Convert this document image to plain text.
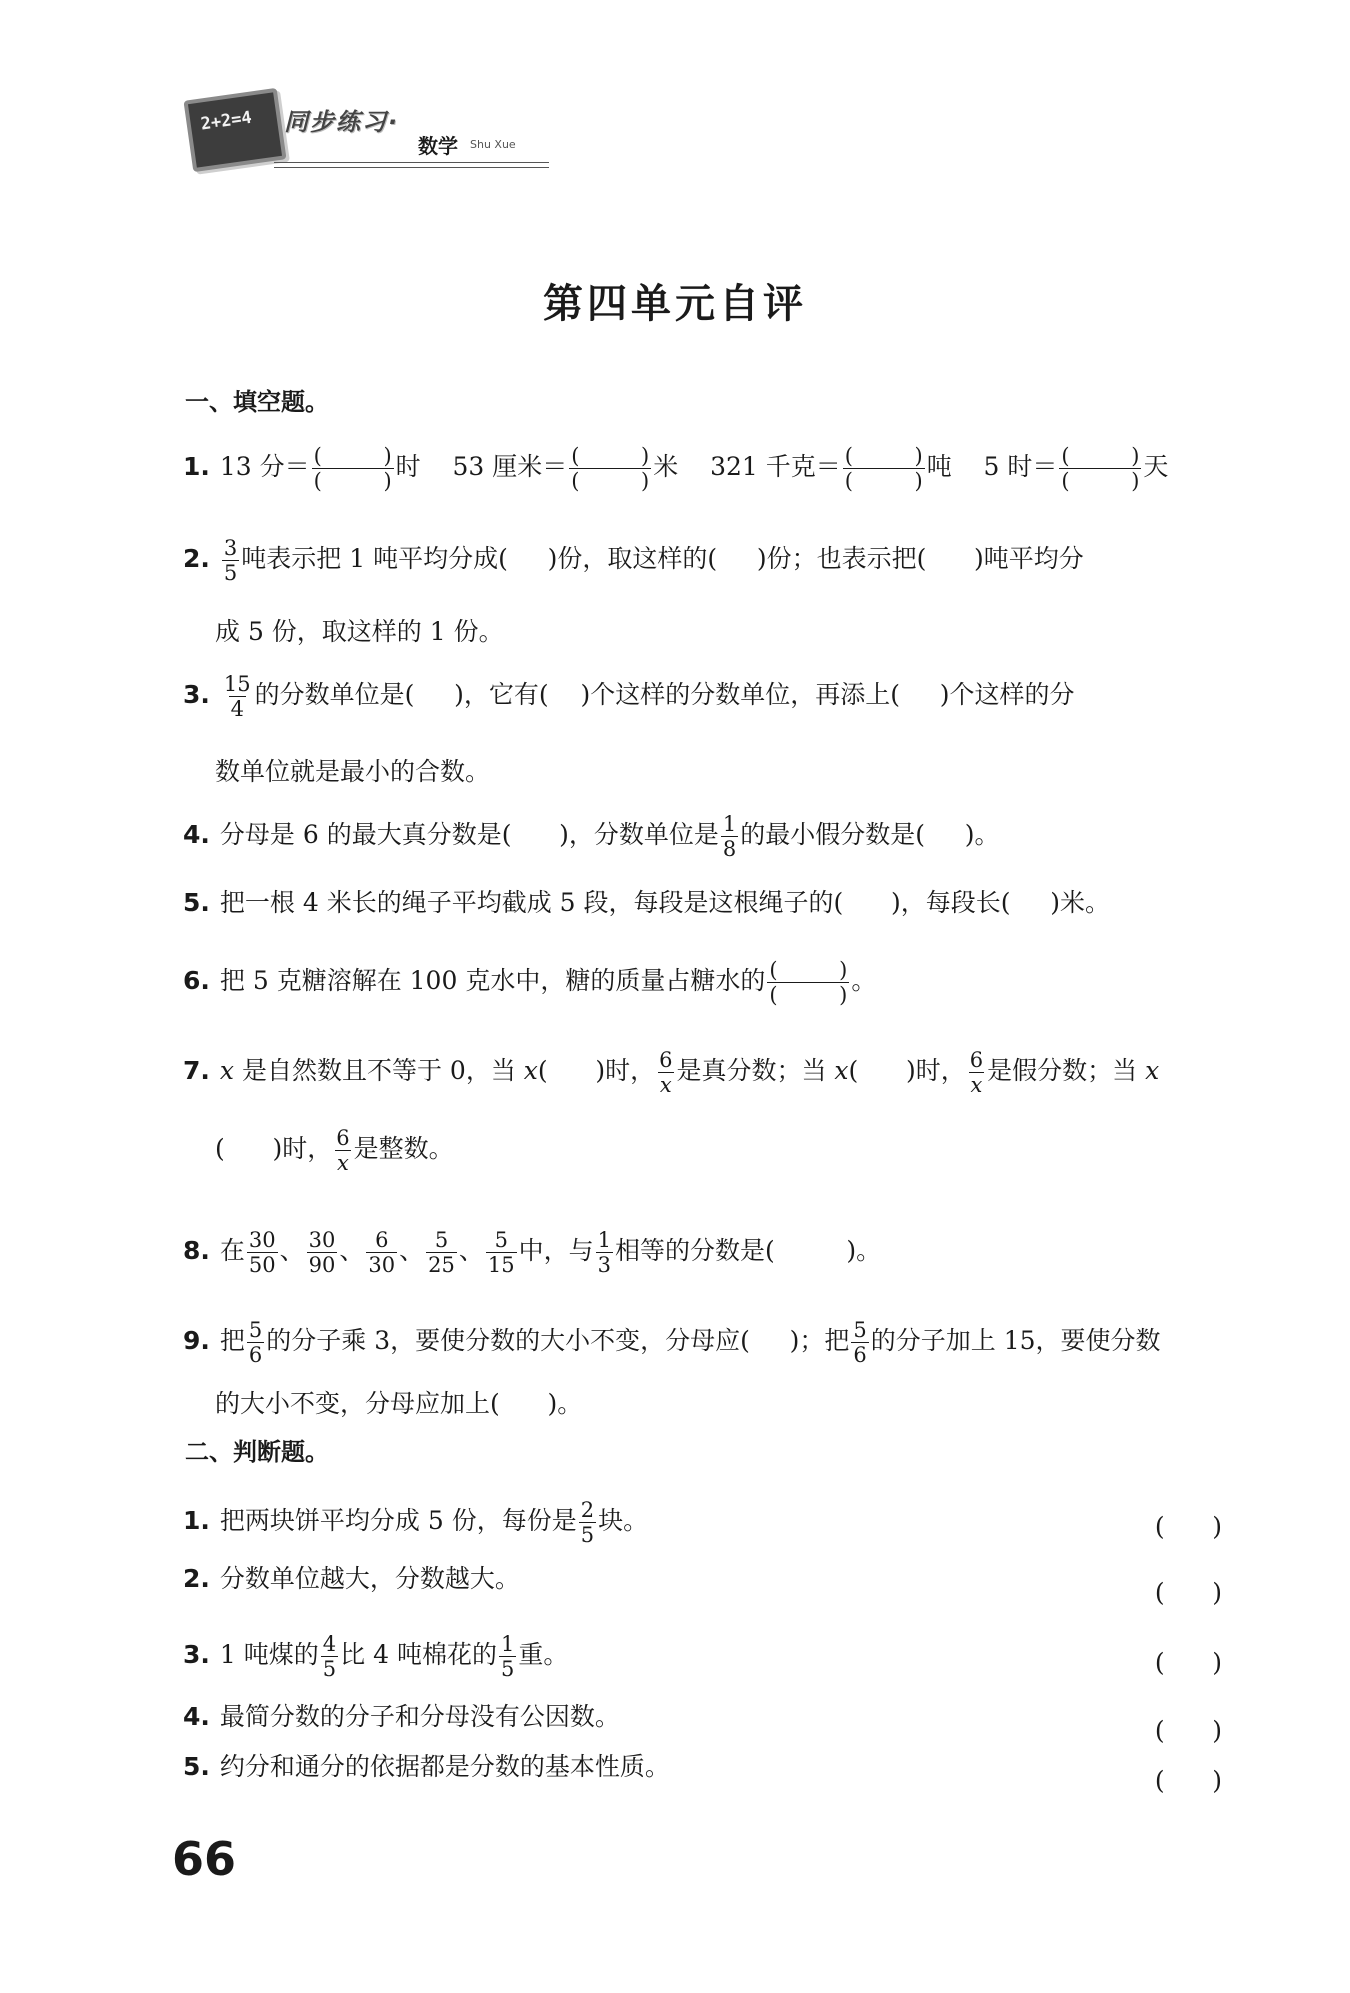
2+2=4 同步练习·
数学 Shu Xue
第四单元自评
一、填空题。
1. 13 分＝ (	)
(	) 时 53 厘米＝ (	)
(	) 米 321 千克＝ (	)
(	) 吨 5 时＝ (	)
(	) 天
2. $\frac{3}{5}$ 吨表示把 1 吨平均分成( )份，取这样的( )份；也表示把( )吨平均分
成 5 份，取这样的 1 份。
3. $\frac{15}{4}$ 的分数单位是( )，它有( )个这样的分数单位，再添上( )个这样的分
数单位就是最小的合数。
4. 分母是 6 的最大真分数是( )，分数单位是 $\frac{1}{8}$ 的最小假分数是( )。
5. 把一根 4 米长的绳子平均截成 5 段，每段是这根绳子的( )，每段长( )米。
6. 把 5 克糖溶解在 100 克水中，糖的质量占糖水的 (	)
(	) 。
7. x 是自然数且不等于 0，当 x( )时， $\frac{6}{x}$ 是真分数；当 x( )时， $\frac{6}{x}$ 是假分数；当 x
( )时， $\frac{6}{x}$ 是整数。
8. 在 $\frac{30}{50}$ 、 $\frac{30}{90}$ 、 $\frac{6}{30}$ 、 $\frac{5}{25}$ 、 $\frac{5}{15}$ 中，与 $\frac{1}{3}$ 相等的分数是(	)。
9. 把 $\frac{5}{6}$ 的分子乘 3，要使分数的大小不变，分母应( )；把 $\frac{5}{6}$ 的分子加上 15，要使分数
的大小不变，分母应加上( )。
二、判断题。
1. 把两块饼平均分成 5 份，每份是 $\frac{2}{5}$ 块。	(      )
2. 分数单位越大，分数越大。	(      )
3. 1 吨煤的 $\frac{4}{5}$ 比 4 吨棉花的 $\frac{1}{5}$ 重。	(      )
4. 最简分数的分子和分母没有公因数。	(      )
5. 约分和通分的依据都是分数的基本性质。	(      )
66
